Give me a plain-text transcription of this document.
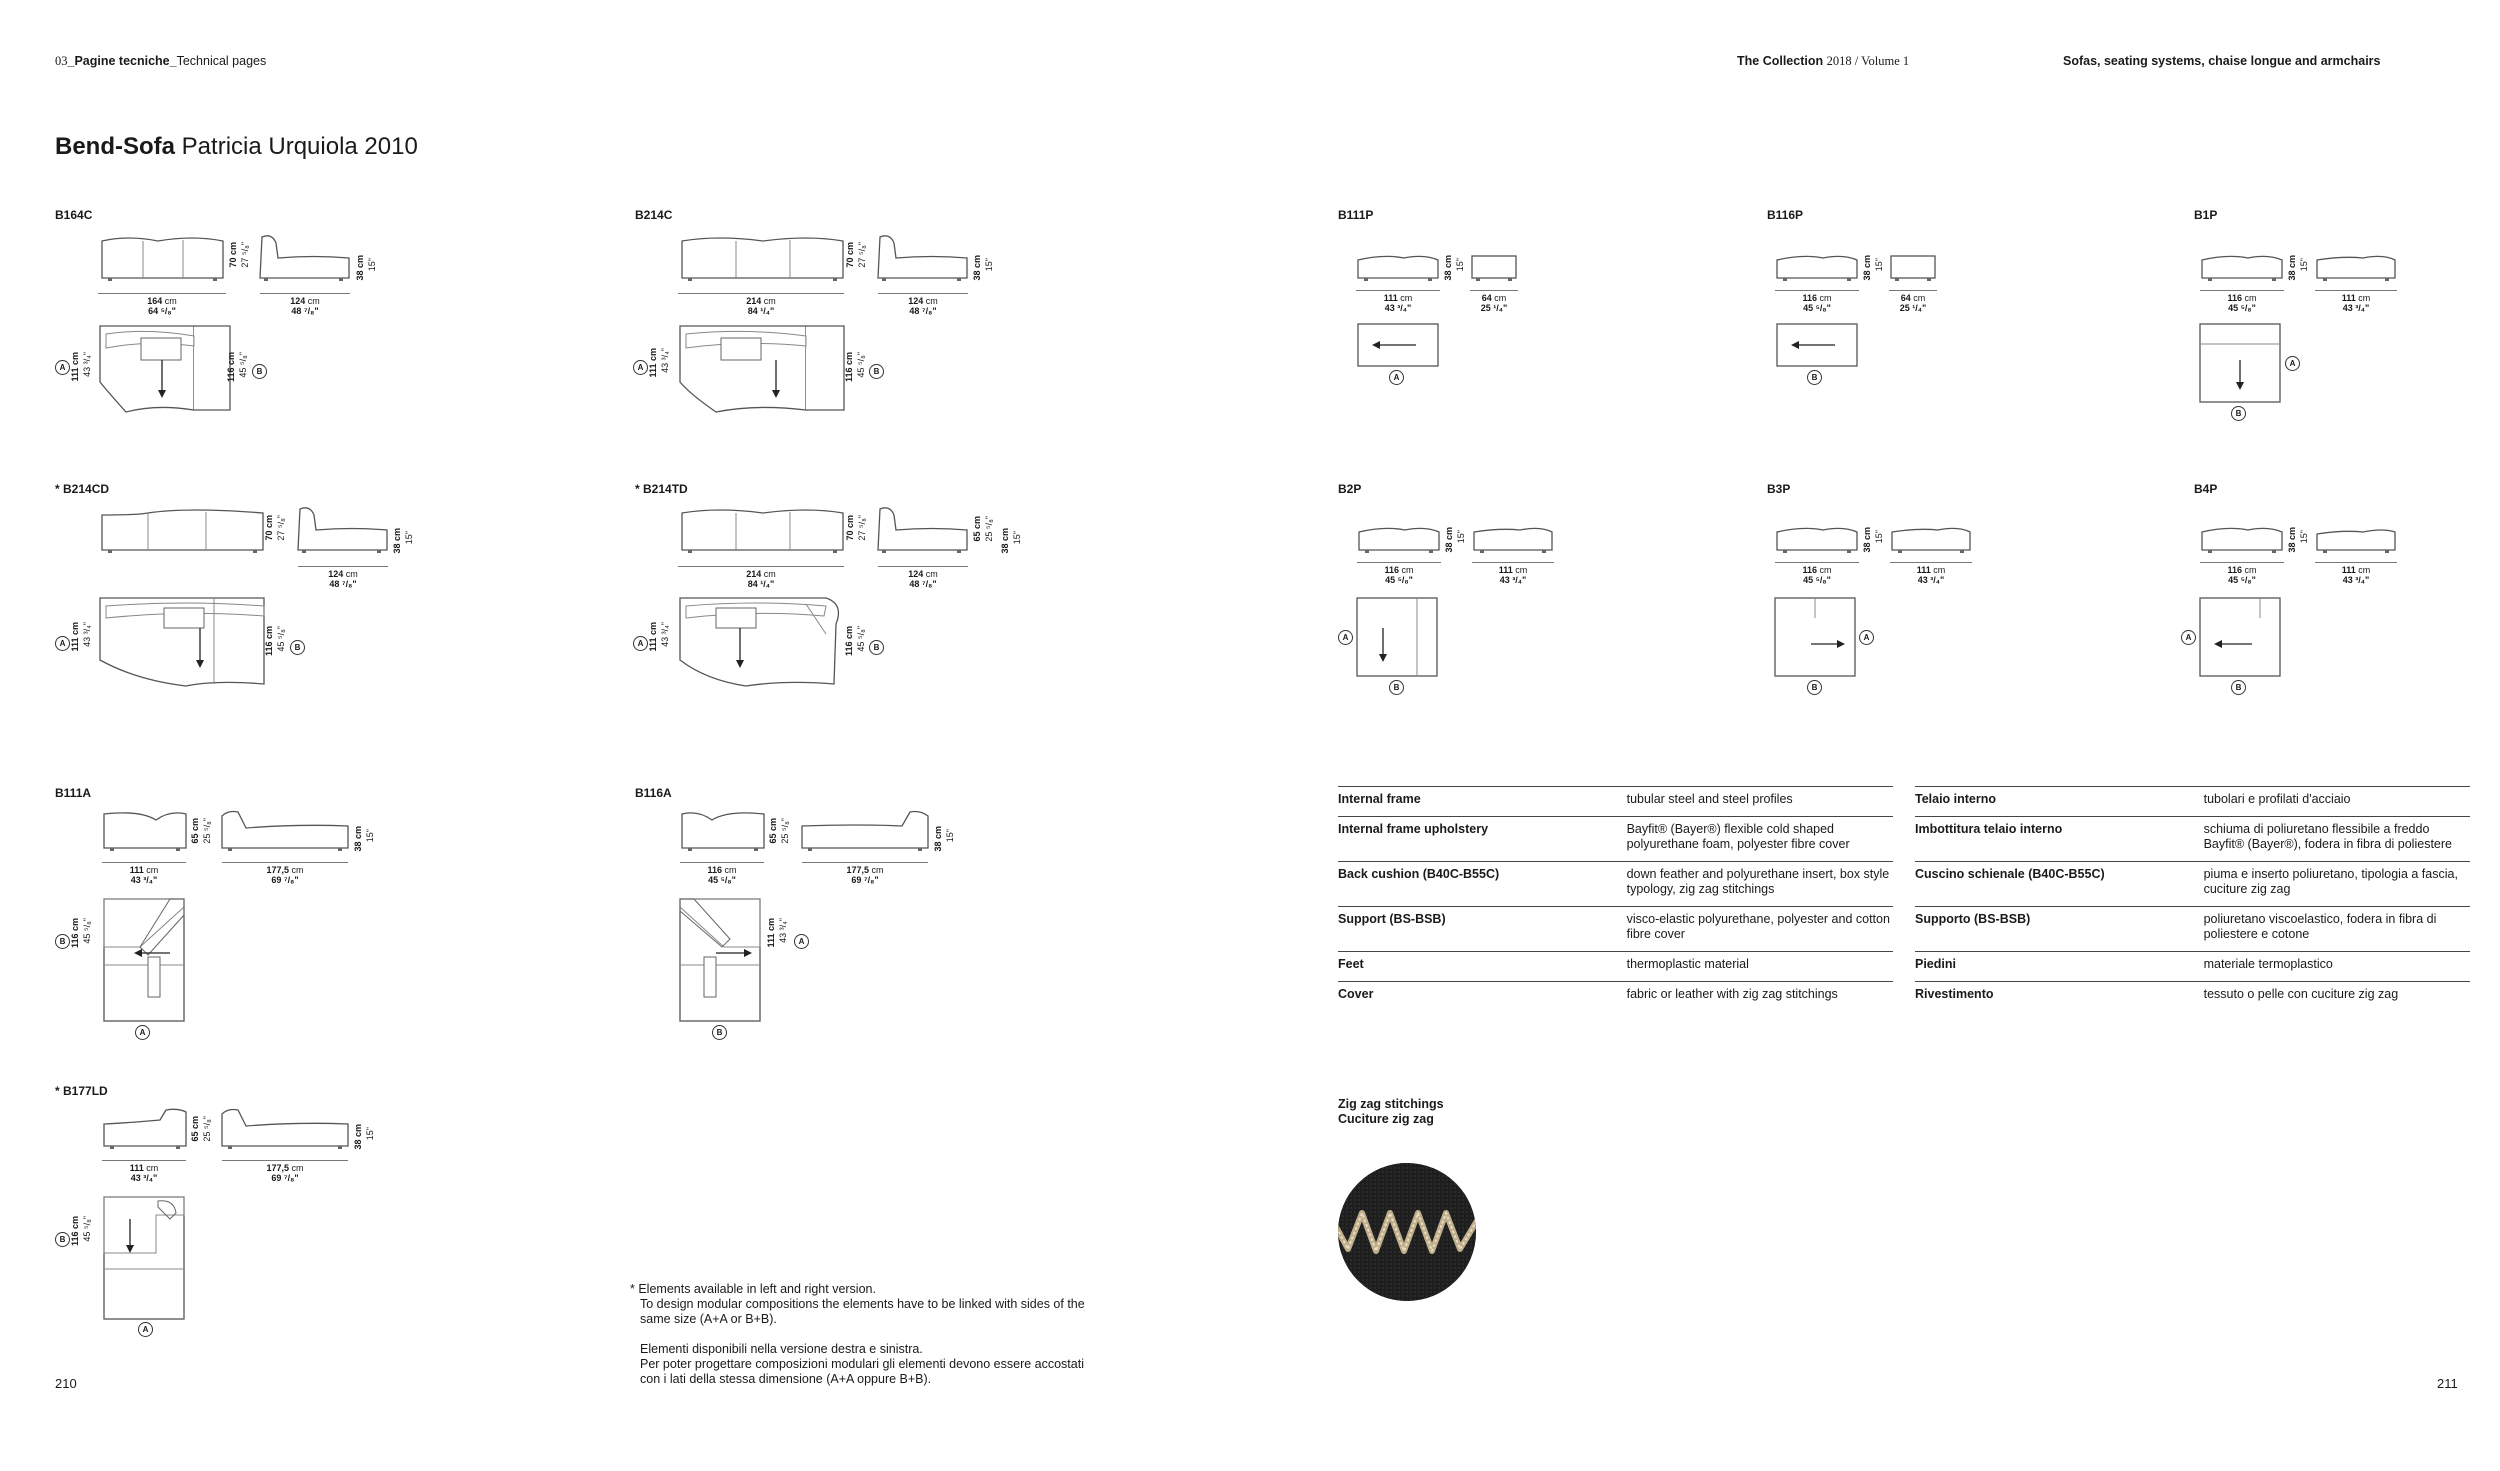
03_Pagine tecniche_Technical pages	The Collection 2018 / Volume 1	Sofas, seating systems, chaise longue and armchairs
Bend-Sofa Patricia Urquiola 2010
B164C
70 cm 27 ⁵/₈"
38 cm 15"
164 cm
64 ⁵/₈"
124 cm
48 ⁷/₈"
A 111 cm 43 ³/₄"	116 cm 45 ⁵/₈"	B
B214C
70 cm 27 ⁵/₈"
38 cm 15"
214 cm
84 ¹/₄"
124 cm
48 ⁷/₈"
A 111 cm 43 ³/₄"	116 cm 45 ⁵/₈" B
* B214CD
70 cm 27 ⁵/₈"
38 cm 15"
124 cm
48 ⁷/₈"
A 111 cm 43 ³/₄"	116 cm 45 ⁵/₈"	B
* B214TD
70 cm 27 ⁵/₈"	65 cm 25 ⁵/₈" 38 cm 15"
214 cm
84 ¹/₄"
124 cm
48 ⁷/₈"
A 111 cm 43 ³/₄"	116 cm 45 ⁵/₈" B
B111A
65 cm 25 ⁵/₈"	38 cm 15"
111 cm
43 ³/₄"
177,5 cm
69 ⁷/₈"
B 116 cm 45 ⁵/₈"
A
B116A
65 cm 25 ⁵/₈"	38 cm 15"
116 cm
45 ⁵/₈"
177,5 cm
69 ⁷/₈"
111 cm 43 ³/₄"	A
B
* B177LD
65 cm 25 ⁵/₈"	38 cm 15"
111 cm
43 ³/₄"
177,5 cm
69 ⁷/₈"
B 116 cm 45 ⁵/₈"
A
B111P
38 cm 15"
111 cm
43 ³/₄"
64 cm
25 ¹/₄"
A
B116P
38 cm 15"
116 cm
45 ⁵/₈"
64 cm
25 ¹/₄"
B
B1P
38 cm 15"
116 cm
45 ⁵/₈"
111 cm
43 ³/₄"
A
B
B2P
38 cm 15"
116 cm
45 ⁵/₈"
111 cm
43 ³/₄"
A
B
B3P
38 cm 15"
116 cm
45 ⁵/₈"
111 cm
43 ³/₄"
A
B
B4P
38 cm 15"
116 cm
45 ⁵/₈"
111 cm
43 ³/₄"
A
B
Internal frame	tubular steel and steel profiles
Internal frame upholstery	Bayfit® (Bayer®) flexible cold shaped polyurethane foam, polyester fibre cover
Back cushion (B40C-B55C)	down feather and polyurethane insert, box style typology, zig zag stitchings
Support (BS-BSB)	visco-elastic polyurethane, polyester and cotton fibre cover
Feet	thermoplastic material
Cover	fabric or leather with zig zag stitchings
Telaio interno	tubolari e profilati d'acciaio
Imbottitura telaio interno	schiuma di poliuretano flessibile a freddo Bayfit® (Bayer®), fodera in fibra di poliestere
Cuscino schienale (B40C-B55C)	piuma e inserto poliuretano, tipologia a fascia, cuciture zig zag
Supporto (BS-BSB)	poliuretano viscoelastico, fodera in fibra di poliestere e cotone
Piedini	materiale termoplastico
Rivestimento	tessuto o pelle con cuciture zig zag
Zig zag stitchings
Cuciture zig zag
* Elements available in left and right version.
To design modular compositions the elements have to be linked with sides of the same size (A+A or B+B).
Elementi disponibili nella versione destra e sinistra.
Per poter progettare composizioni modulari gli elementi devono essere accostati con i lati della stessa dimensione (A+A oppure B+B).
210	211
